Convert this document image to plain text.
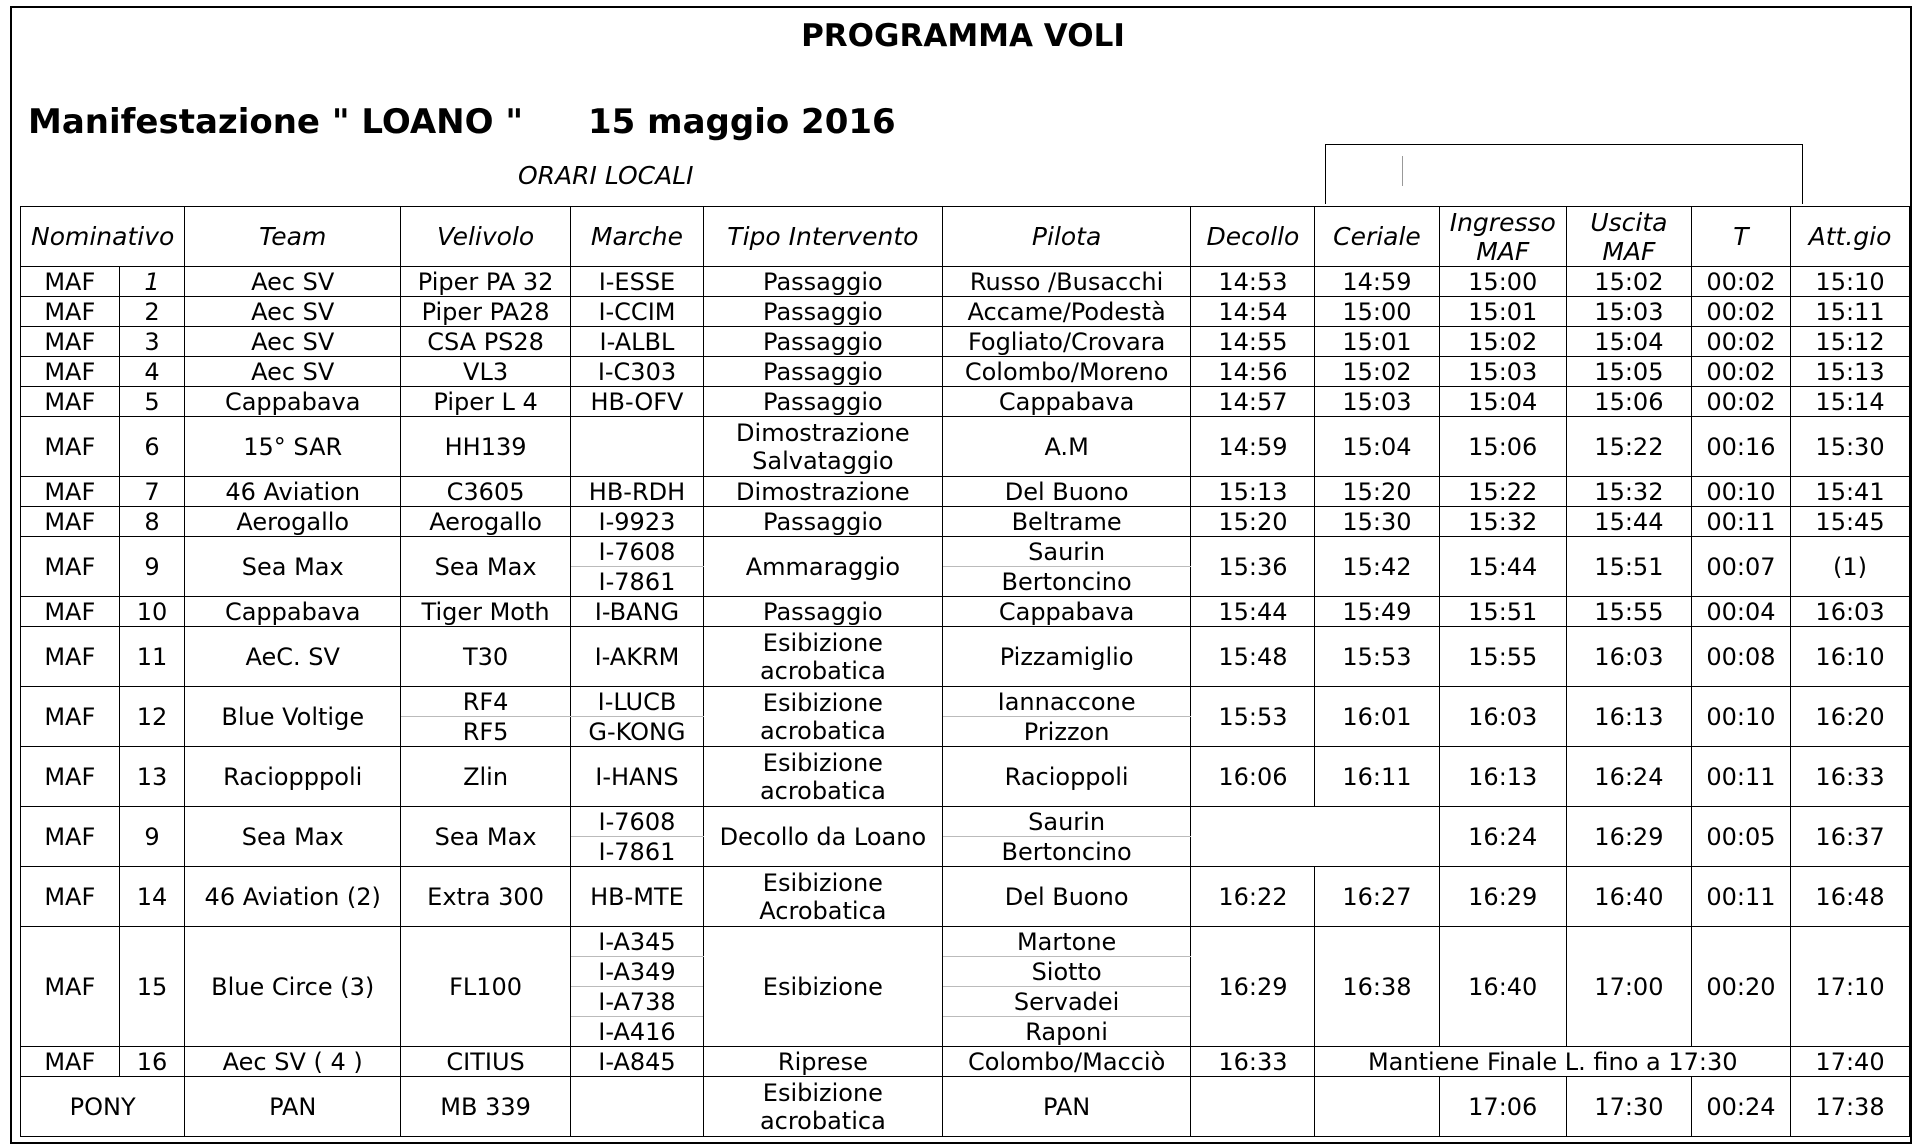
PROGRAMMA VOLI
Manifestazione " LOANO " 15 maggio 2016
ORARI LOCALI
Nominativo		Team	Velivolo	Marche	Tipo Intervento	Pilota	Decollo	Ceriale	Ingresso MAF	Uscita MAF	T	Att.gio
MAF	1	Aec SV	Piper PA 32	I-ESSE	Passaggio	Russo /Busacchi	14:53	14:59	15:00	15:02	00:02	15:10
MAF	2	Aec SV	Piper PA28	I-CCIM	Passaggio	Accame/Podestà	14:54	15:00	15:01	15:03	00:02	15:11
MAF	3	Aec SV	CSA PS28	I-ALBL	Passaggio	Fogliato/Crovara	14:55	15:01	15:02	15:04	00:02	15:12
MAF	4	Aec SV	VL3	I-C303	Passaggio	Colombo/Moreno	14:56	15:02	15:03	15:05	00:02	15:13
MAF	5	Cappabava	Piper L 4	HB-OFV	Passaggio	Cappabava	14:57	15:03	15:04	15:06	00:02	15:14
MAF	6	15° SAR	HH139		Dimostrazione Salvataggio	A.M	14:59	15:04	15:06	15:22	00:16	15:30

MAF	7	46 Aviation	C3605	HB-RDH	Dimostrazione	Del Buono	15:13	15:20	15:22	15:32	00:10	15:41
MAF	8	Aerogallo	Aerogallo	I-9923	Passaggio	Beltrame	15:20	15:30	15:32	15:44	00:11	15:45
MAF	9	Sea Max	Sea Max	I-7608	Ammaraggio	Saurin	15:36	15:42	15:44	15:51	00:07	(1)
				I-7861		Bertoncino						
MAF	10	Cappabava	Tiger Moth	I-BANG	Passaggio	Cappabava	15:44	15:49	15:51	15:55	00:04	16:03
MAF	11	AeC. SV	T30	I-AKRM	Esibizione acrobatica	Pizzamiglio	15:48	15:53	15:55	16:03	00:08	16:10

MAF	12	Blue Voltige	RF4	I-LUCB	Esibizione acrobatica	Iannaccone	15:53	16:01	16:03	16:13	00:10	16:20
			RF5	G-KONG		Prizzon						
MAF	13	Raciopppoli	Zlin	I-HANS	Esibizione acrobatica	Racioppoli	16:06	16:11	16:13	16:24	00:11	16:33

MAF	9	Sea Max	Sea Max	I-7608	Decollo da Loano	Saurin			16:24	16:29	00:05	16:37
				I-7861		Bertoncino						
MAF	14	46 Aviation (2)	Extra 300	HB-MTE	Esibizione Acrobatica	Del Buono	16:22	16:27	16:29	16:40	00:11	16:48

MAF	15	Blue Circe (3)	FL100	I-A345	Esibizione	Martone	16:29	16:38	16:40	17:00	00:20	17:10
				I-A349		Siotto						
				I-A738		Servadei						
				I-A416		Raponi						
MAF	16	Aec SV ( 4 )	CITIUS	I-A845	Riprese	Colombo/Macciò	16:33	Mantiene Finale L. fino a 17:30				17:40
PONY		PAN	MB 339		Esibizione acrobatica	PAN			17:06	17:30	00:24	17:38
